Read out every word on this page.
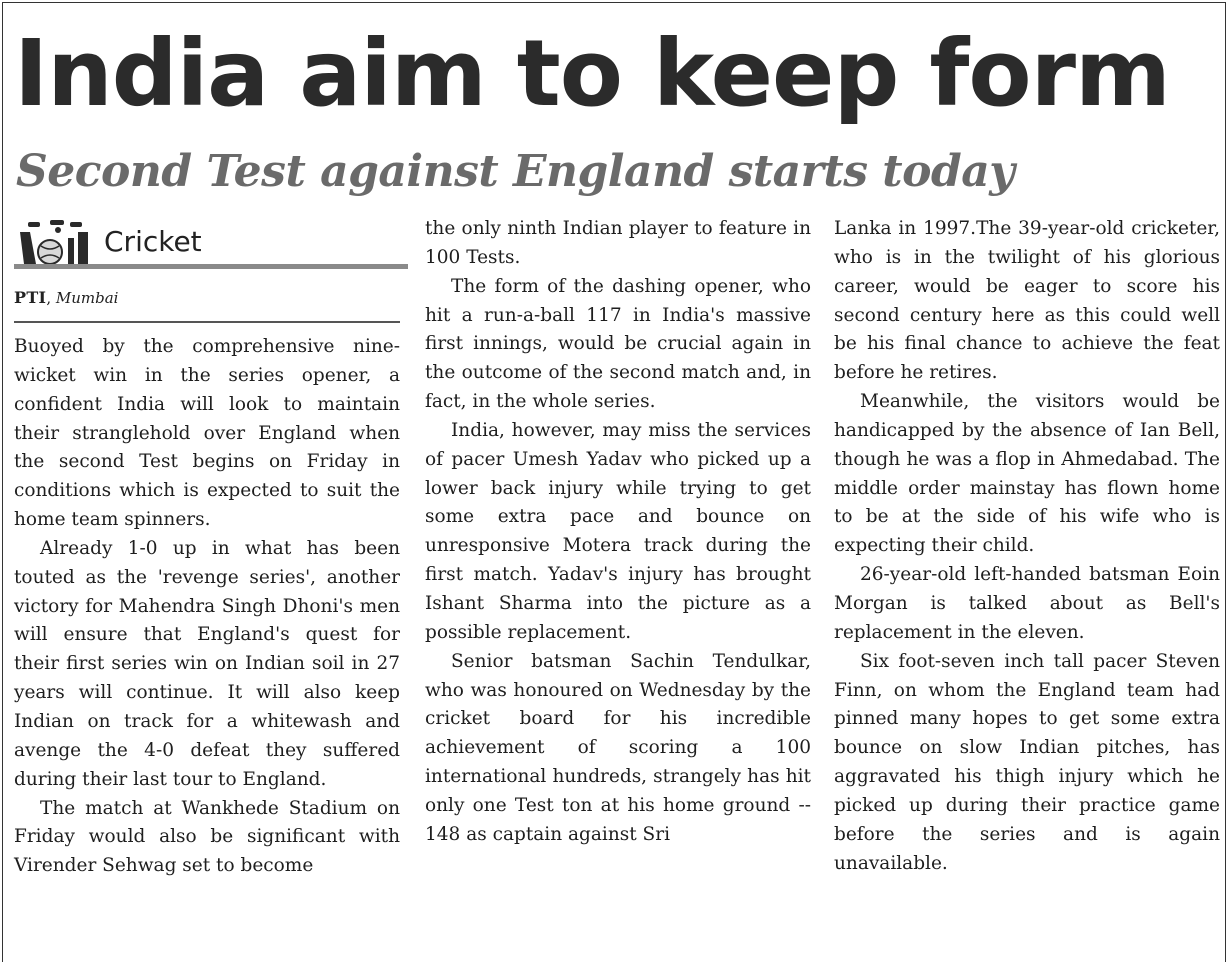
India aim to keep form
Second Test against England starts today
Cricket
PTI, Mumbai

Buoyed by the comprehensive nine-wicket win in the series opener, a confident India will look to maintain their stranglehold over England when the second Test begins on Friday in conditions which is expected to suit the home team spinners.

Already 1-0 up in what has been touted as the 'revenge series', another victory for Mahendra Singh Dhoni's men will ensure that England's quest for their first series win on Indian soil in 27 years will continue. It will also keep Indian on track for a whitewash and avenge the 4-0 defeat they suffered during their last tour to England.

The match at Wankhede Stadium on Friday would also be significant with Virender Sehwag set to become

the only ninth Indian player to feature in 100 Tests.

The form of the dashing opener, who hit a run-a-ball 117 in India's massive first innings, would be crucial again in the outcome of the second match and, in fact, in the whole series.

India, however, may miss the services of pacer Umesh Yadav who picked up a lower back injury while trying to get some extra pace and bounce on unresponsive Motera track during the first match. Yadav's injury has brought Ishant Sharma into the picture as a possible replacement.

Senior batsman Sachin Tendulkar, who was honoured on Wednesday by the cricket board for his incredible achievement of scoring a 100 international hundreds, strangely has hit only one Test ton at his home ground -- 148 as captain against Sri

Lanka in 1997.The 39-year-old cricketer, who is in the twilight of his glorious career, would be eager to score his second century here as this could well be his final chance to achieve the feat before he retires.

Meanwhile, the visitors would be handicapped by the absence of Ian Bell, though he was a flop in Ahmedabad. The middle order mainstay has flown home to be at the side of his wife who is expecting their child.

26-year-old left-handed batsman Eoin Morgan is talked about as Bell's replacement in the eleven.

Six foot-seven inch tall pacer Steven Finn, on whom the England team had pinned many hopes to get some extra bounce on slow Indian pitches, has aggravated his thigh injury which he picked up during their practice game before the series and is again unavailable.
